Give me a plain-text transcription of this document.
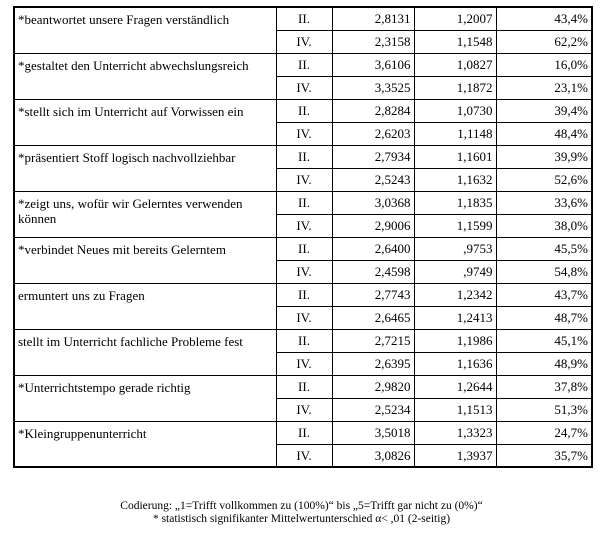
*beantwortet unsere Fragen verständlich	II.	2,8131	1,2007	43,4%
	IV.	2,3158	1,1548	62,2%
*gestaltet den Unterricht abwechslungsreich	II.	3,6106	1,0827	16,0%
	IV.	3,3525	1,1872	23,1%
*stellt sich im Unterricht auf Vorwissen ein	II.	2,8284	1,0730	39,4%
	IV.	2,6203	1,1148	48,4%
*präsentiert Stoff logisch nachvollziehbar	II.	2,7934	1,1601	39,9%
	IV.	2,5243	1,1632	52,6%
*zeigt uns, wofür wir Gelerntes verwenden können	II.	3,0368	1,1835	33,6%
	IV.	2,9006	1,1599	38,0%
*verbindet Neues mit bereits Gelerntem	II.	2,6400	,9753	45,5%
	IV.	2,4598	,9749	54,8%
ermuntert uns zu Fragen	II.	2,7743	1,2342	43,7%
	IV.	2,6465	1,2413	48,7%
stellt im Unterricht fachliche Probleme fest	II.	2,7215	1,1986	45,1%
	IV.	2,6395	1,1636	48,9%
*Unterrichtstempo gerade richtig	II.	2,9820	1,2644	37,8%
	IV.	2,5234	1,1513	51,3%
*Kleingruppenunterricht	II.	3,5018	1,3323	24,7%
	IV.	3,0826	1,3937	35,7%
Codierung: „1=Trifft vollkommen zu (100%)“ bis „5=Trifft gar nicht zu (0%)“
* statistisch signifikanter Mittelwertunterschied α< ,01 (2-seitig)
